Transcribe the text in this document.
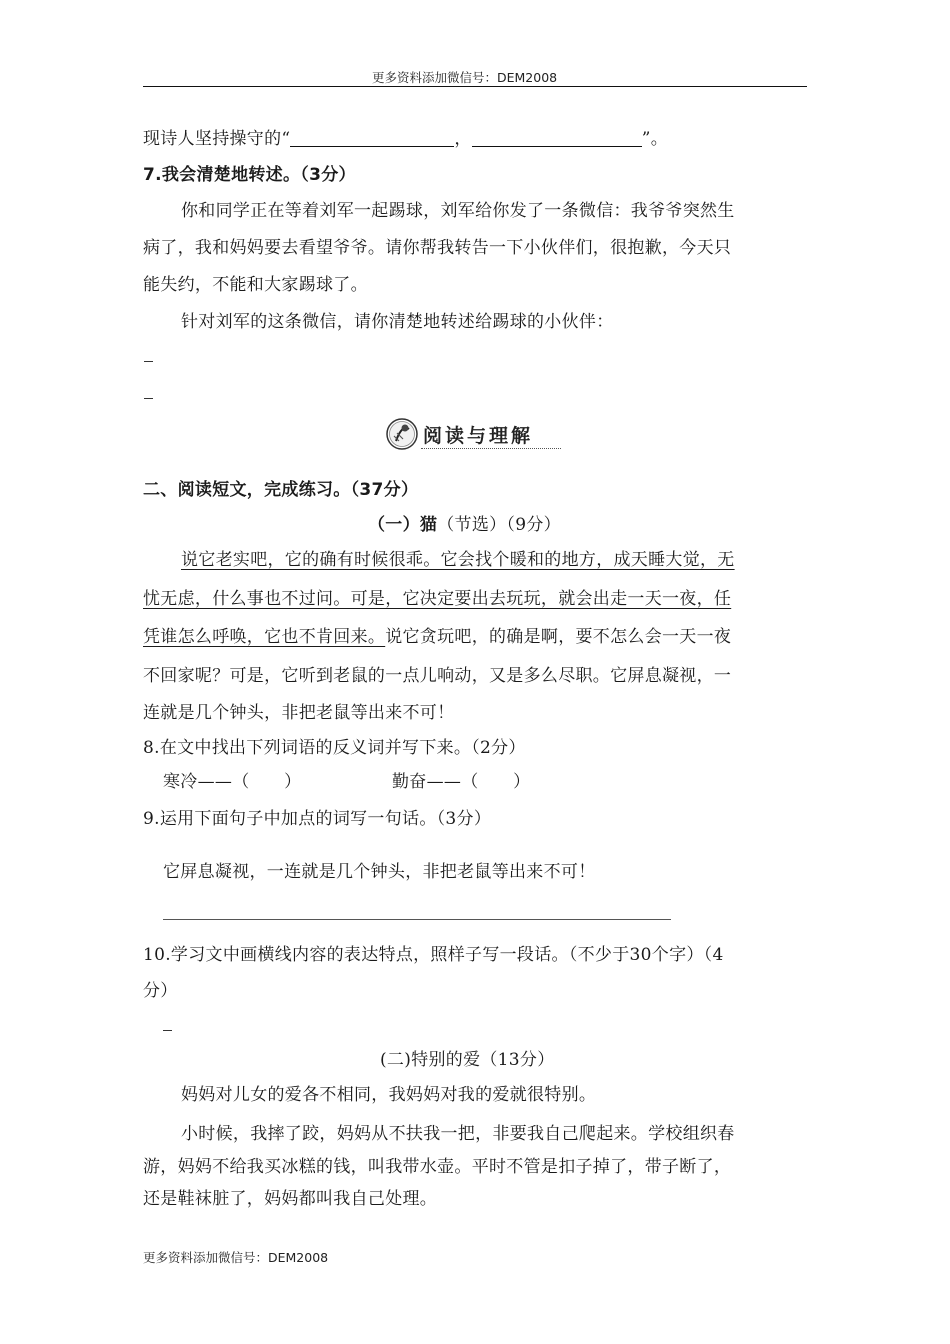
更多资料添加微信号：DEM2008
现诗人坚持操守的“	，	”。
7.我会清楚地转述。（3分）
你和同学正在等着刘军一起踢球，刘军给你发了一条微信：我爷爷突然生
病了，我和妈妈要去看望爷爷。请你帮我转告一下小伙伴们，很抱歉，今天只
能失约，不能和大家踢球了。
针对刘军的这条微信，请你清楚地转述给踢球的小伙伴：
阅读与理解
二、阅读短文，完成练习。（37分）
（一）猫（节选）（9分）
说它老实吧，它的确有时候很乖。它会找个暖和的地方，成天睡大觉，无
忧无虑，什么事也不过问。可是，它决定要出去玩玩，就会出走一天一夜，任
凭谁怎么呼唤，它也不肯回来。说它贪玩吧，的确是啊，要不怎么会一天一夜
不回家呢？可是，它听到老鼠的一点儿响动，又是多么尽职。它屏息凝视，一
连就是几个钟头，非把老鼠等出来不可！
8.在文中找出下列词语的反义词并写下来。（2分）
寒冷——（　　）	勤奋——（　　）
9.运用下面句子中加点的词写一句话。（3分）
它屏息凝视，一连就是几个钟头，非把老鼠等出来不可！
10.学习文中画横线内容的表达特点，照样子写一段话。（不少于30个字）（4
分）
(二)特别的爱（13分）
妈妈对儿女的爱各不相同，我妈妈对我的爱就很特别。
小时候，我摔了跤，妈妈从不扶我一把，非要我自己爬起来。学校组织春
游，妈妈不给我买冰糕的钱，叫我带水壶。平时不管是扣子掉了，带子断了，
还是鞋袜脏了，妈妈都叫我自己处理。
更多资料添加微信号：DEM2008
